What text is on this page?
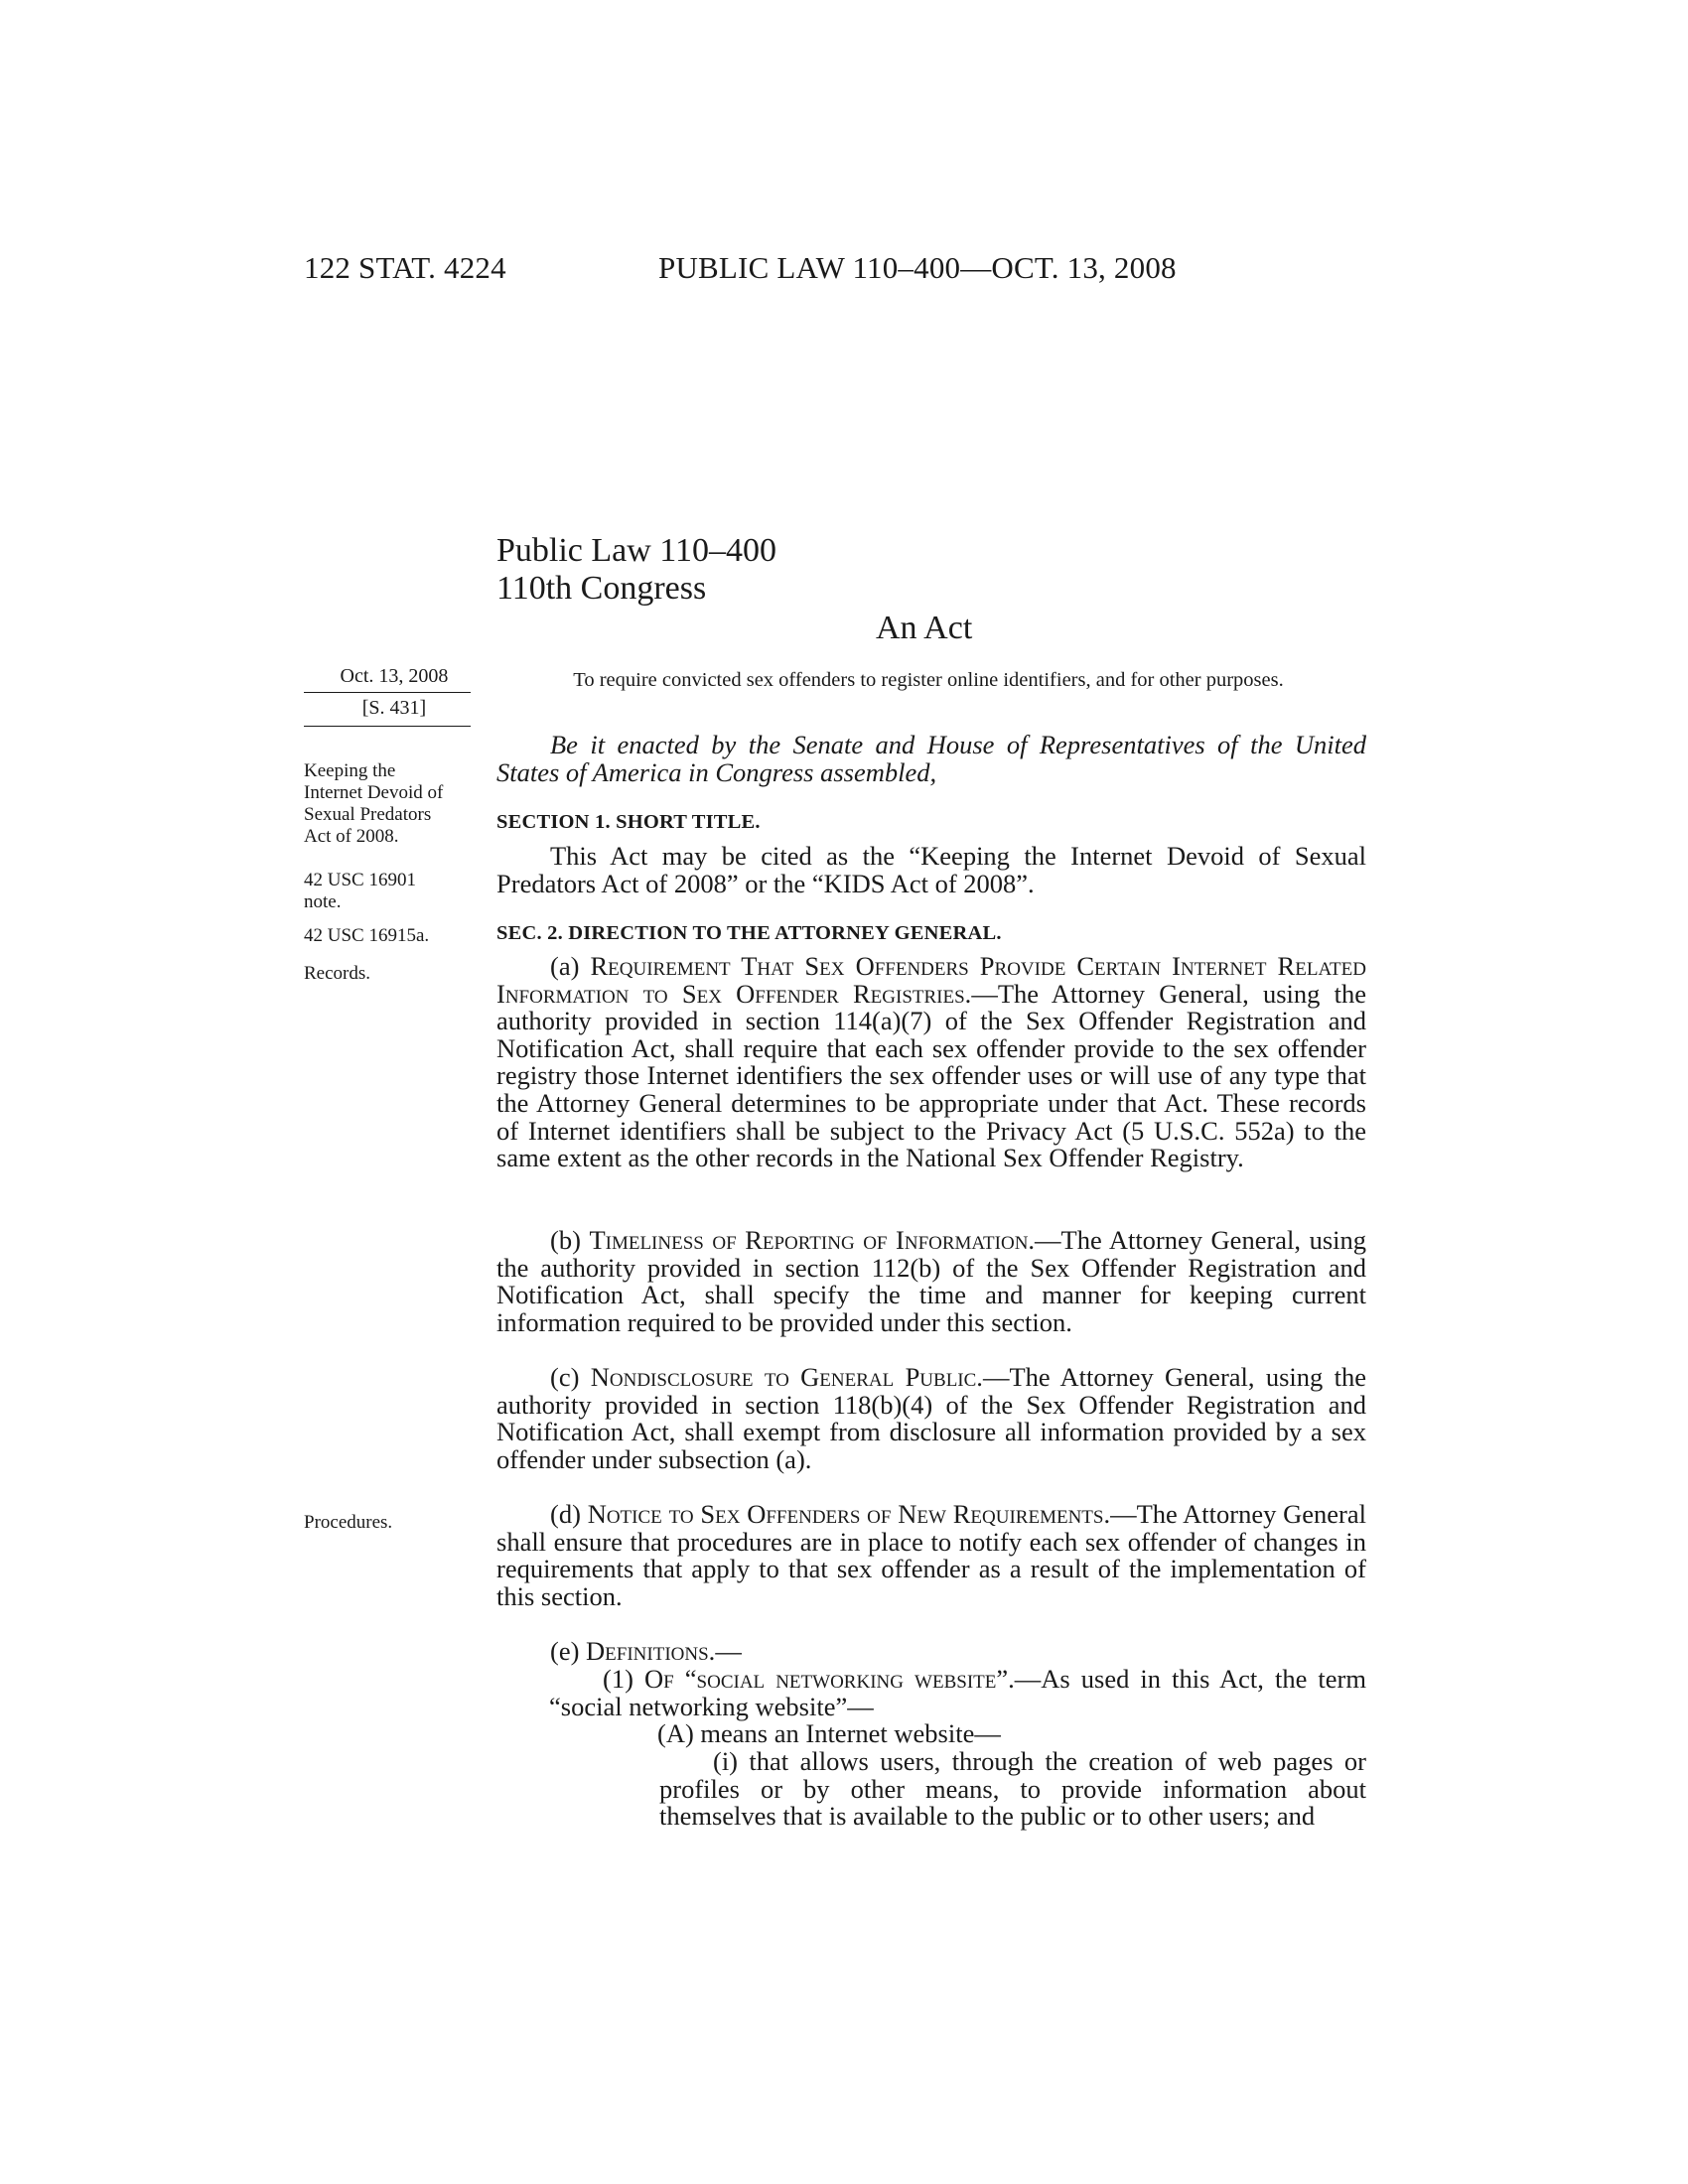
122 STAT. 4224	PUBLIC LAW 110–400—OCT. 13, 2008
Public Law 110–400
110th Congress
An Act
Oct. 13, 2008
[S. 431]
To require convicted sex offenders to register online identifiers, and for other purposes.
Keeping the Internet Devoid of Sexual Predators Act of 2008.
42 USC 16901 note.
42 USC 16915a.
Records.
Procedures.

Be it enacted by the Senate and House of Representatives of the United States of America in Congress assembled,

SECTION 1. SHORT TITLE.

This Act may be cited as the “Keeping the Internet Devoid of Sexual Predators Act of 2008” or the “KIDS Act of 2008”.

SEC. 2. DIRECTION TO THE ATTORNEY GENERAL.

(a) Requirement That Sex Offenders Provide Certain Internet Related Information to Sex Offender Registries.—The Attorney General, using the authority provided in section 114(a)(7) of the Sex Offender Registration and Notification Act, shall require that each sex offender provide to the sex offender registry those Internet identifiers the sex offender uses or will use of any type that the Attorney General determines to be appropriate under that Act. These records of Internet identifiers shall be subject to the Privacy Act (5 U.S.C. 552a) to the same extent as the other records in the National Sex Offender Registry.

(b) Timeliness of Reporting of Information.—The Attorney General, using the authority provided in section 112(b) of the Sex Offender Registration and Notification Act, shall specify the time and manner for keeping current information required to be provided under this section.

(c) Nondisclosure to General Public.—The Attorney General, using the authority provided in section 118(b)(4) of the Sex Offender Registration and Notification Act, shall exempt from disclosure all information provided by a sex offender under subsection (a).

(d) Notice to Sex Offenders of New Requirements.—The Attorney General shall ensure that procedures are in place to notify each sex offender of changes in requirements that apply to that sex offender as a result of the implementation of this section.

(e) Definitions.—

(1) Of “social networking website”.—As used in this Act, the term “social networking website”—

(A) means an Internet website—

(i) that allows users, through the creation of web pages or profiles or by other means, to provide information about themselves that is available to the public or to other users; and
